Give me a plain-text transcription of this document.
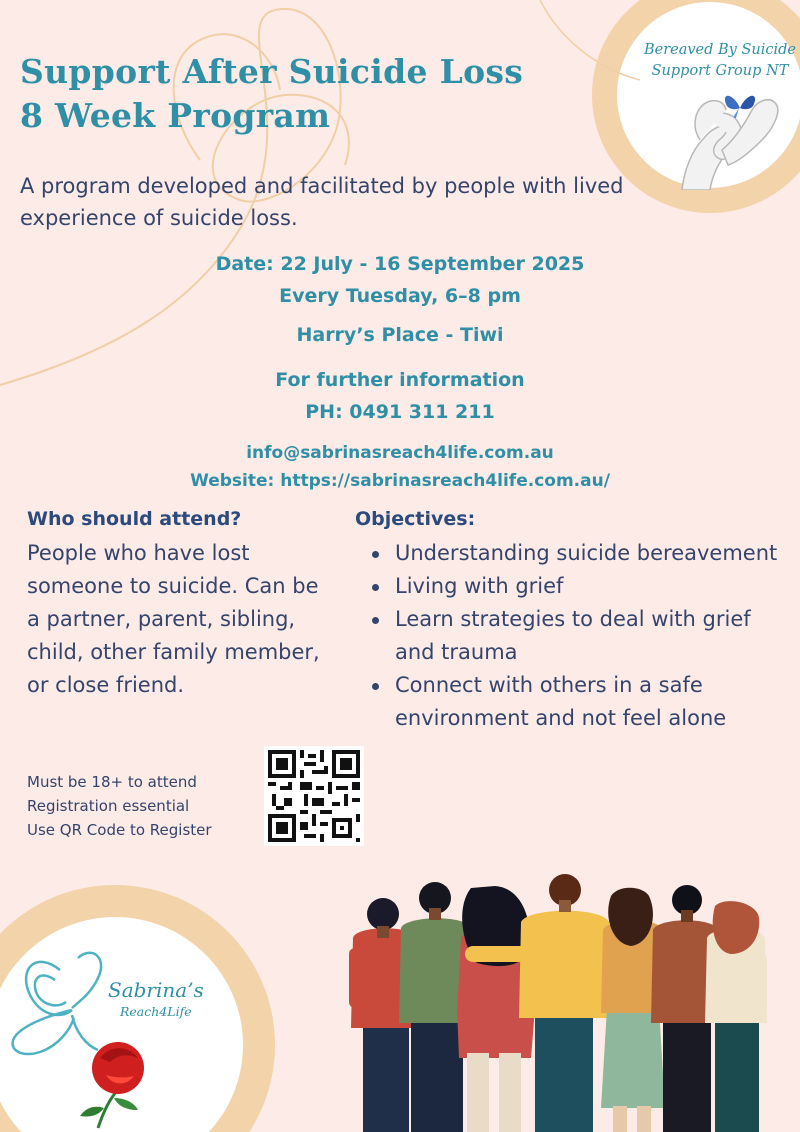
Support After Suicide Loss
8 Week Program

A program developed and facilitated by people with lived experience of suicide loss.

Date: 22 July - 16 September 2025
Every Tuesday, 6–8 pm
Harry’s Place - Tiwi
For further information
PH: 0491 311 211
info@sabrinasreach4life.com.au
Website: https://sabrinasreach4life.com.au/
Who should attend?

People who have lost someone to suicide. Can be a partner, parent, sibling, child, other family member, or close friend.

Objectives:
Understanding suicide bereavement
Living with grief
Learn strategies to deal with grief and trauma
Connect with others in a safe environment and not feel alone

Must be 18+ to attend
Registration essential
Use QR Code to Register

Bereaved By Suicide
Support Group NT

Sabrina’s

Reach4Life
